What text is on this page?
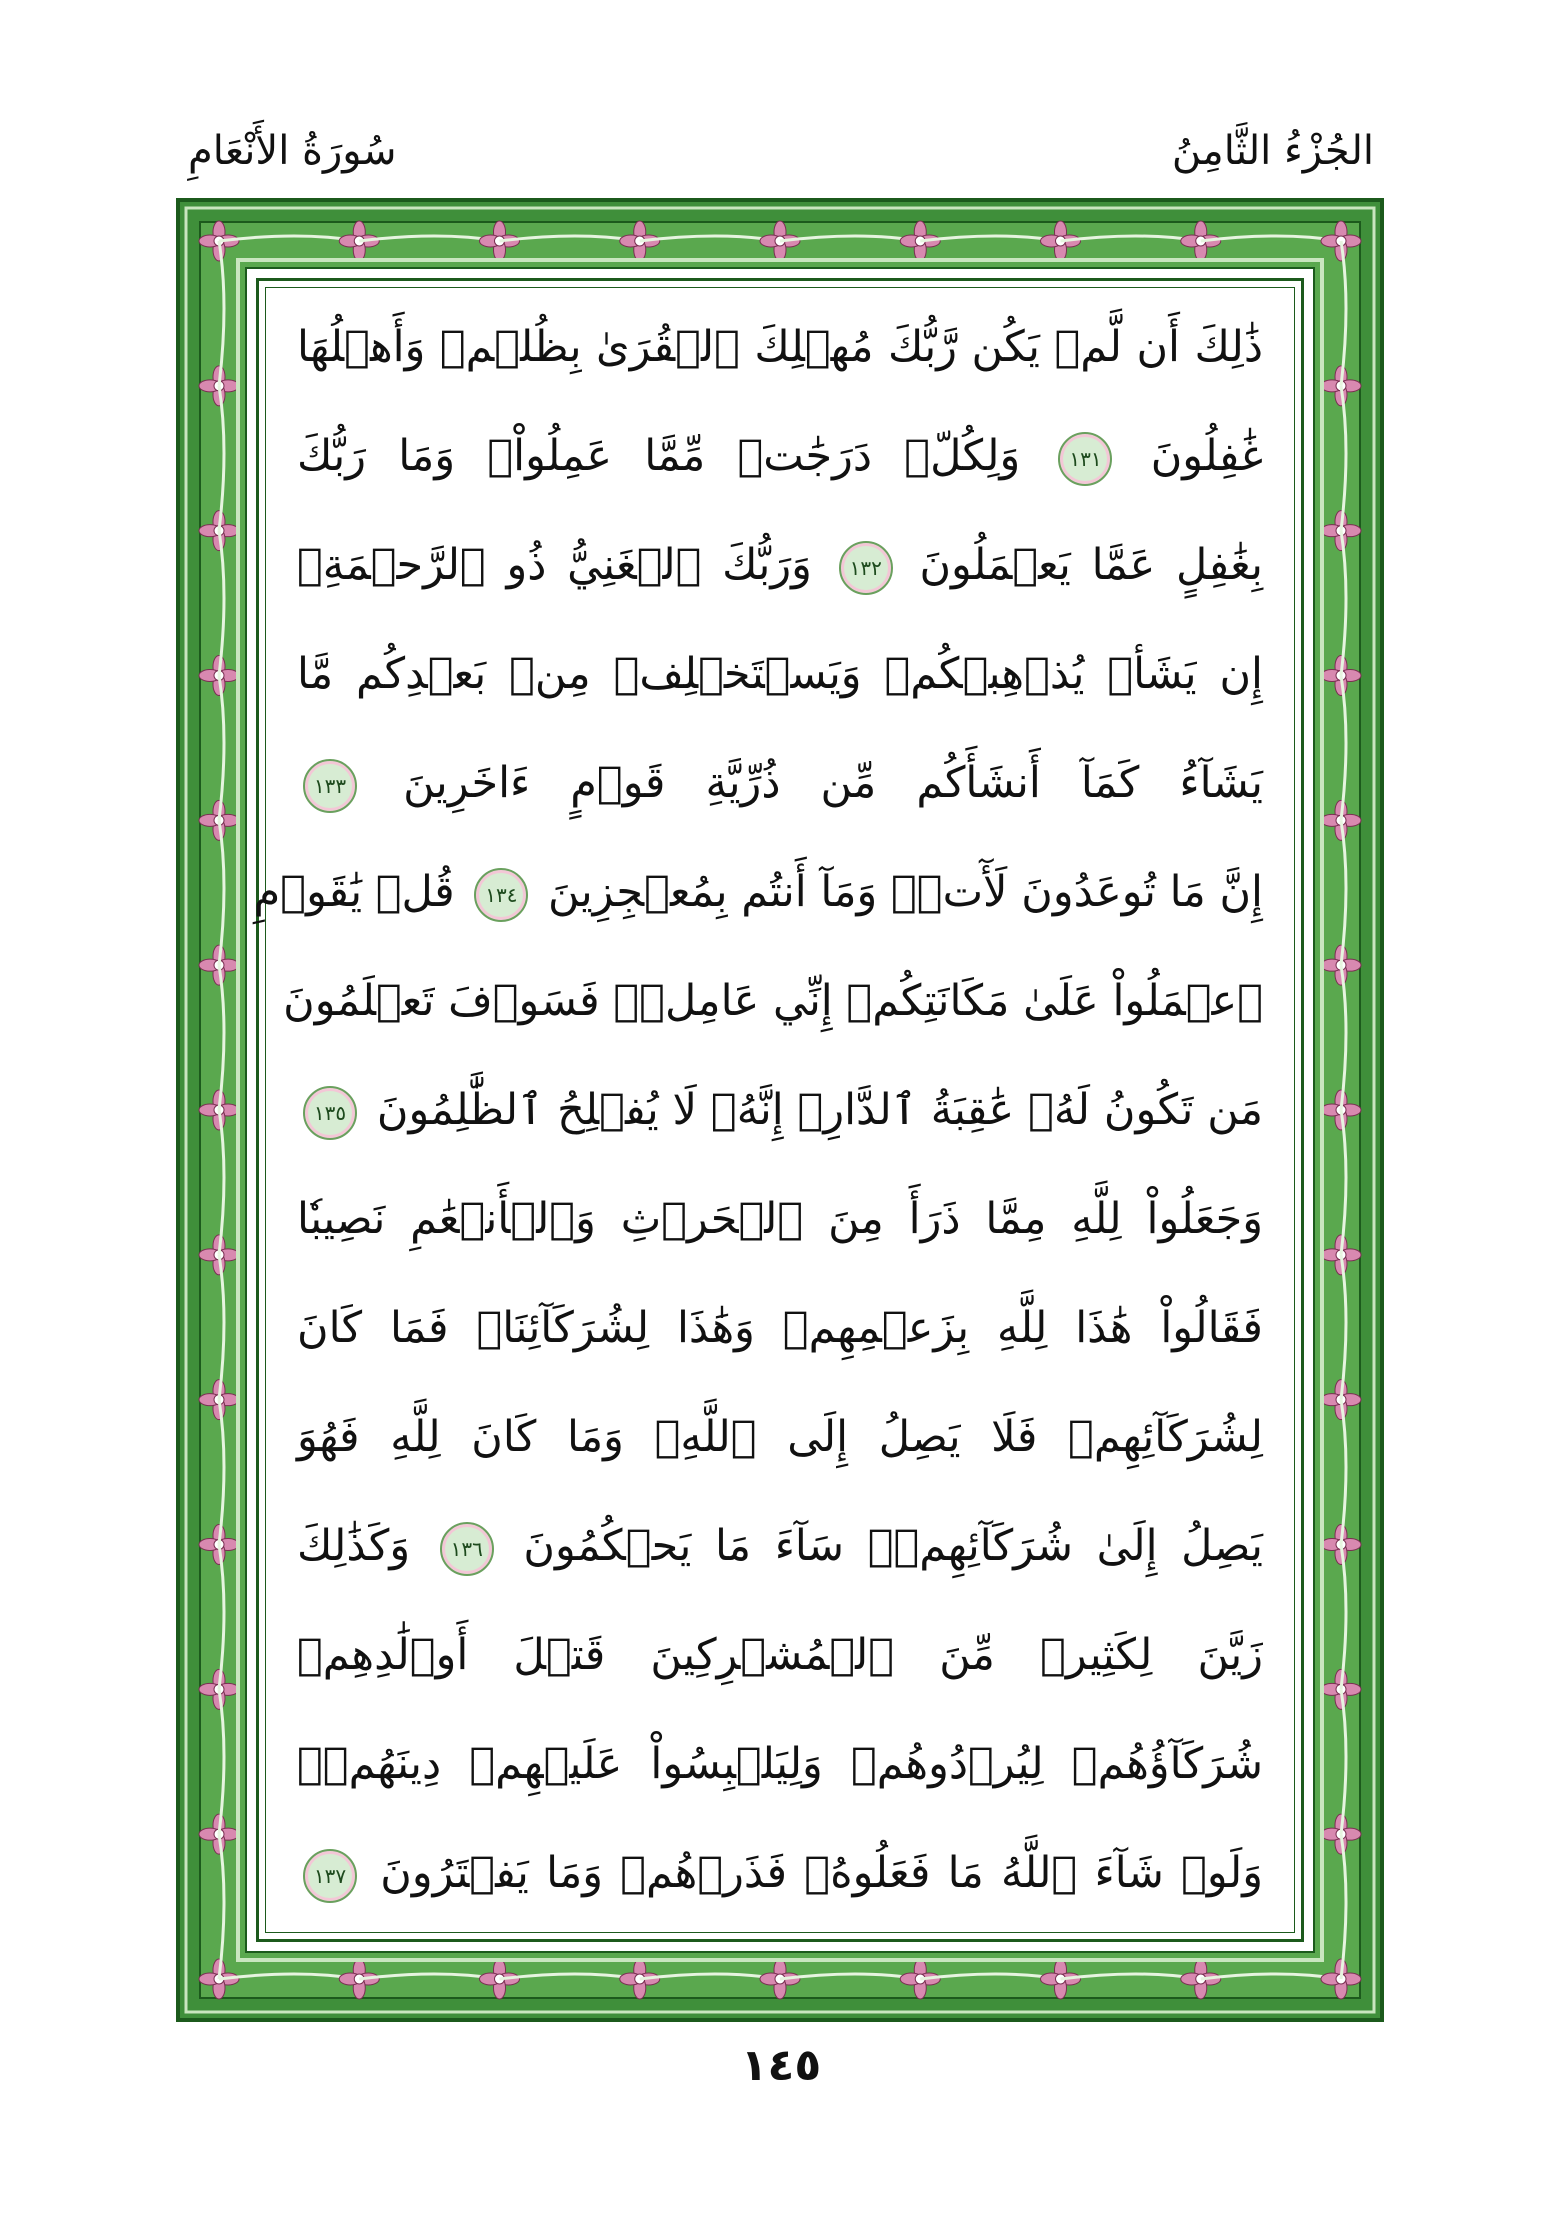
الجُزْءُ الثَّامِنُ
سُورَةُ الأَنْعَامِ
ذَٰلِكَ أَن لَّمۡ يَكُن رَّبُّكَ مُهۡلِكَ ٱلۡقُرَىٰ بِظُلۡمٖ وَأَهۡلُهَا
غَٰفِلُونَ ١٣١ وَلِكُلّٖ دَرَجَٰتٞ مِّمَّا عَمِلُواْۚ وَمَا رَبُّكَ
بِغَٰفِلٍ عَمَّا يَعۡمَلُونَ ١٣٢ وَرَبُّكَ ٱلۡغَنِيُّ ذُو ٱلرَّحۡمَةِۚ
إِن يَشَأۡ يُذۡهِبۡكُمۡ وَيَسۡتَخۡلِفۡ مِنۢ بَعۡدِكُم مَّا
يَشَآءُ كَمَآ أَنشَأَكُم مِّن ذُرِّيَّةِ قَوۡمٍ ءَاخَرِينَ ١٣٣
إِنَّ مَا تُوعَدُونَ لَأٓتٖۖ وَمَآ أَنتُم بِمُعۡجِزِينَ ١٣٤ قُلۡ يَٰقَوۡمِ
ٱعۡمَلُواْ عَلَىٰ مَكَانَتِكُمۡ إِنِّي عَامِلٞۖ فَسَوۡفَ تَعۡلَمُونَ
مَن تَكُونُ لَهُۥ عَٰقِبَةُ ٱلدَّارِۚ إِنَّهُۥ لَا يُفۡلِحُ ٱلظَّٰلِمُونَ ١٣٥
وَجَعَلُواْ لِلَّهِ مِمَّا ذَرَأَ مِنَ ٱلۡحَرۡثِ وَٱلۡأَنۡعَٰمِ نَصِيبٗا
فَقَالُواْ هَٰذَا لِلَّهِ بِزَعۡمِهِمۡ وَهَٰذَا لِشُرَكَآئِنَاۖ فَمَا كَانَ
لِشُرَكَآئِهِمۡ فَلَا يَصِلُ إِلَى ٱللَّهِۖ وَمَا كَانَ لِلَّهِ فَهُوَ
يَصِلُ إِلَىٰ شُرَكَآئِهِمۡۗ سَآءَ مَا يَحۡكُمُونَ ١٣٦ وَكَذَٰلِكَ
زَيَّنَ لِكَثِيرٖ مِّنَ ٱلۡمُشۡرِكِينَ قَتۡلَ أَوۡلَٰدِهِمۡ
شُرَكَآؤُهُمۡ لِيُرۡدُوهُمۡ وَلِيَلۡبِسُواْ عَلَيۡهِمۡ دِينَهُمۡۖ
وَلَوۡ شَآءَ ٱللَّهُ مَا فَعَلُوهُۖ فَذَرۡهُمۡ وَمَا يَفۡتَرُونَ ١٣٧
١٤٥
